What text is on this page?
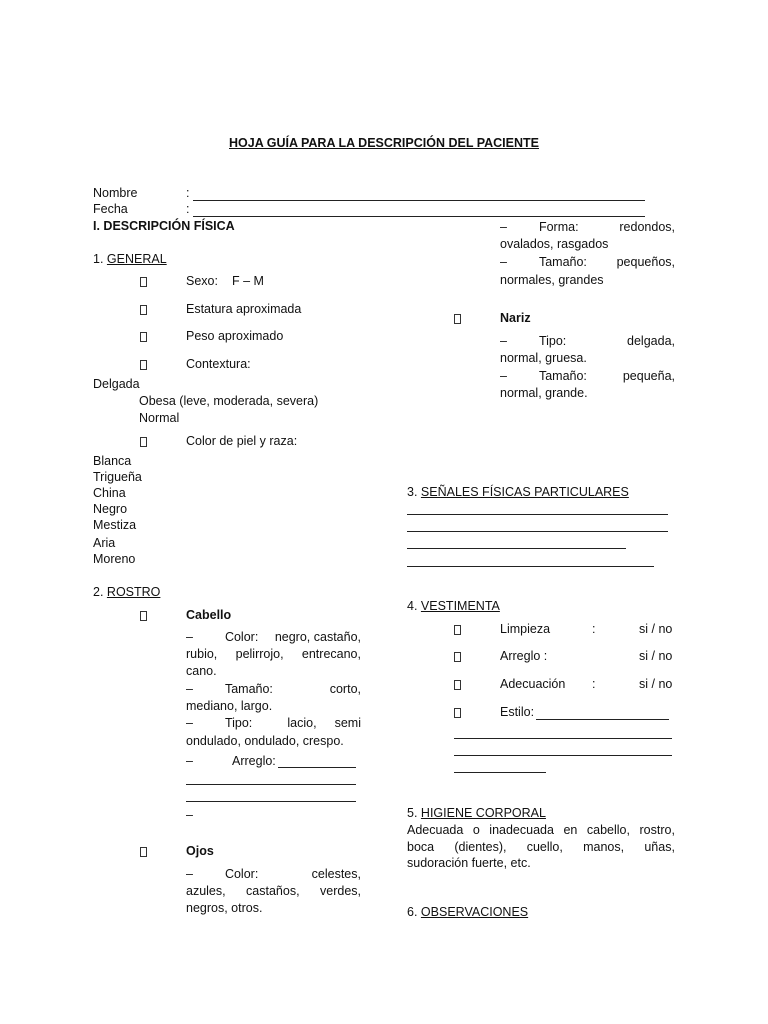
HOJA GUÍA PARA LA DESCRIPCIÓN DEL PACIENTE
Nombre	:
Fecha	:
I. DESCRIPCIÓN FÍSICA
1. GENERAL
Sexo: F – M
Estatura aproximada
Peso aproximado
Contextura:
Delgada
Obesa (leve, moderada, severa)
Normal
Color de piel y raza:
Blanca
Trigueña
China
Negro
Mestiza
Aria
Moreno
2. ROSTRO
Cabello
–	Color: negro, castaño,
rubio, pelirrojo, entrecano,
cano.
–	Tamaño:	corto,
mediano, largo.
–	Tipo:	lacio, semi
ondulado, ondulado, crespo.
–	Arreglo:
–
Ojos
–	Color:	celestes,
azules, castaños, verdes,
negros, otros.
–	Forma:	redondos,
ovalados, rasgados
–	Tamaño: pequeños,
normales, grandes
Nariz
–	Tipo:	delgada,
normal, gruesa.
–	Tamaño:	pequeña,
normal, grande.
3. SEÑALES FÍSICAS PARTICULARES
4. VESTIMENTA
Limpieza	:	si / no
Arreglo :	si / no
Adecuación :	si / no
Estilo:
5. HIGIENE CORPORAL
Adecuada o inadecuada en cabello, rostro,
boca (dientes), cuello, manos, uñas,
sudoración fuerte, etc.
6. OBSERVACIONES
